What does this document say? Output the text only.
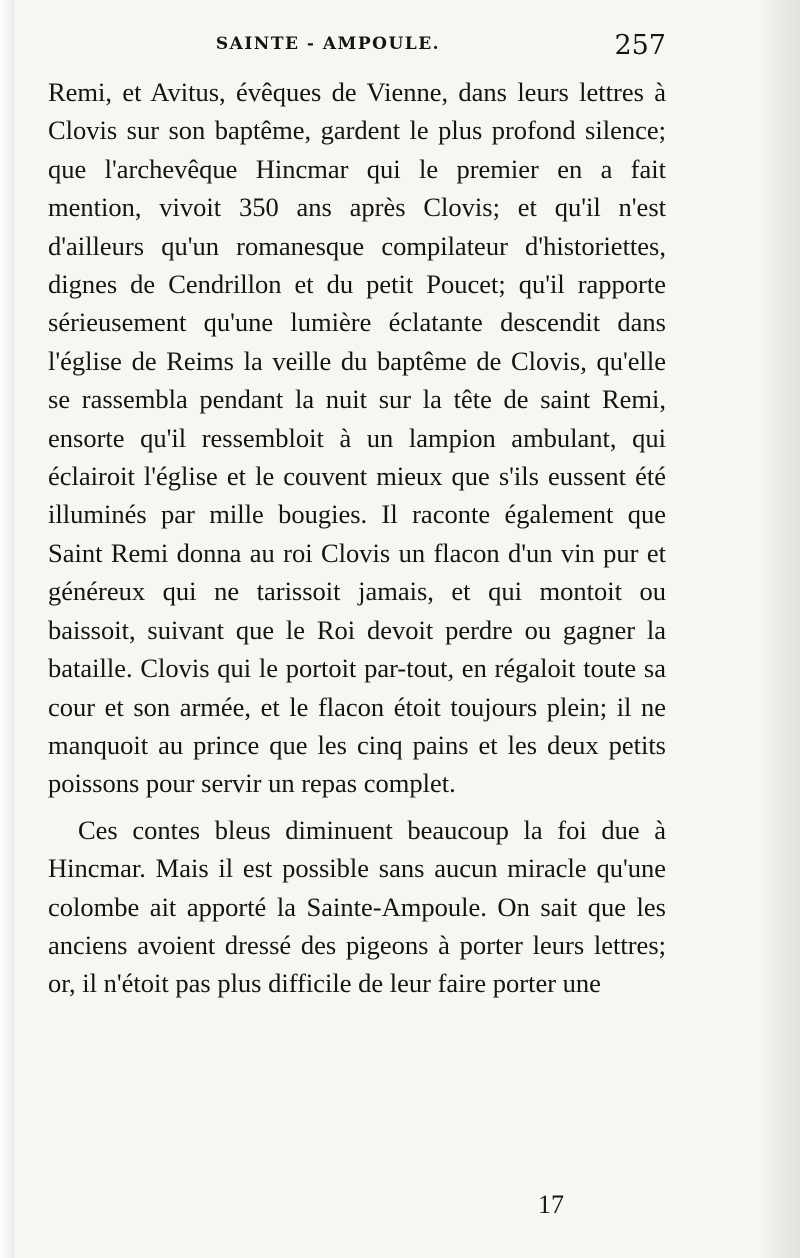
SAINTE - AMPOULE.	257

Remi, et Avitus, évêques de Vienne, dans leurs lettres à Clovis sur son baptême, gardent le plus profond silence; que l'archevêque Hincmar qui le premier en a fait mention, vivoit 350 ans après Clovis; et qu'il n'est d'ailleurs qu'un romanesque compilateur d'historiettes, dignes de Cendrillon et du petit Poucet; qu'il rapporte sérieusement qu'une lumière éclatante descendit dans l'église de Reims la veille du baptême de Clovis, qu'elle se rassembla pendant la nuit sur la tête de saint Remi, ensorte qu'il ressembloit à un lampion ambulant, qui éclairoit l'église et le couvent mieux que s'ils eussent été illuminés par mille bougies. Il raconte également que Saint Remi donna au roi Clovis un flacon d'un vin pur et généreux qui ne tarissoit jamais, et qui montoit ou baissoit, suivant que le Roi devoit perdre ou gagner la bataille. Clovis qui le portoit par-tout, en régaloit toute sa cour et son armée, et le flacon étoit toujours plein; il ne manquoit au prince que les cinq pains et les deux petits poissons pour servir un repas complet.

Ces contes bleus diminuent beaucoup la foi due à Hincmar. Mais il est possible sans aucun miracle qu'une colombe ait apporté la Sainte-Ampoule. On sait que les anciens avoient dressé des pigeons à porter leurs lettres; or, il n'étoit pas plus difficile de leur faire porter une

17
